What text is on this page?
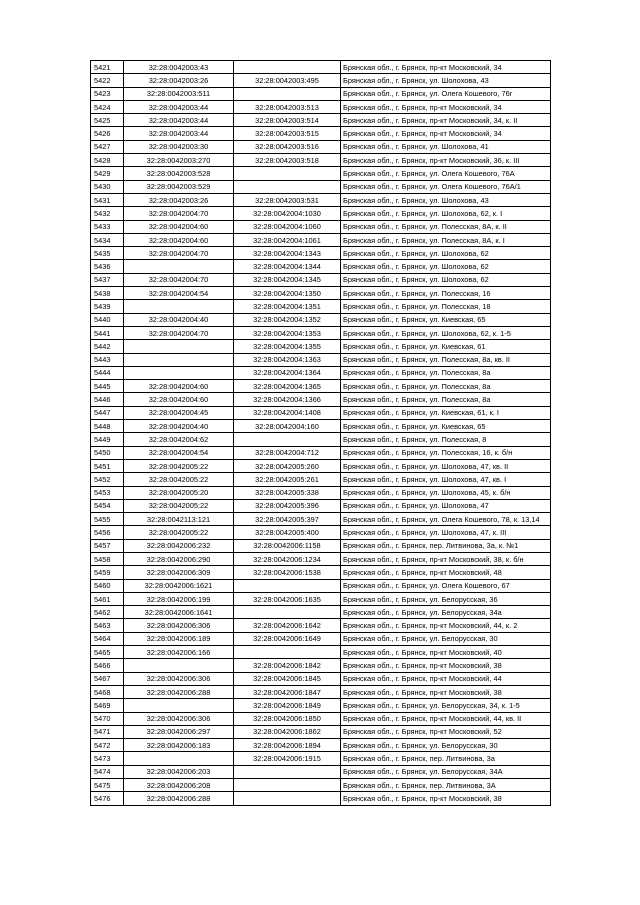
5421	32:28:0042003:43		Брянская обл., г. Брянск, пр-кт Московский, 34
5422	32:28:0042003:26	32:28:0042003:495	Брянская обл., г. Брянск, ул. Шолохова, 43
5423	32:28:0042003:511		Брянская обл., г. Брянск, ул. Олега Кошевого, 76г
5424	32:28:0042003:44	32:28:0042003:513	Брянская обл., г. Брянск, пр-кт Московский, 34
5425	32:28:0042003:44	32:28:0042003:514	Брянская обл., г. Брянск, пр-кт Московский, 34, к. II
5426	32:28:0042003:44	32:28:0042003:515	Брянская обл., г. Брянск, пр-кт Московский, 34
5427	32:28:0042003:30	32:28:0042003:516	Брянская обл., г. Брянск, ул. Шолохова, 41
5428	32:28:0042003:270	32:28:0042003:518	Брянская обл., г. Брянск, пр-кт Московский, 36, к. III
5429	32:28:0042003:528		Брянская обл., г. Брянск, ул. Олега Кошевого, 76А
5430	32:28:0042003:529		Брянская обл., г. Брянск, ул. Олега Кошевого, 76А/1
5431	32:28:0042003:26	32:28:0042003:531	Брянская обл., г. Брянск, ул. Шолохова, 43
5432	32:28:0042004:70	32:28:0042004:1030	Брянская обл., г. Брянск, ул. Шолохова, 62, к. I
5433	32:28:0042004:60	32:28:0042004:1060	Брянская обл., г. Брянск, ул. Полесская, 8А, к. II
5434	32:28:0042004:60	32:28:0042004:1061	Брянская обл., г. Брянск, ул. Полесская, 8А, к. I
5435	32:28:0042004:70	32:28:0042004:1343	Брянская обл., г. Брянск, ул. Шолохова, 62
5436		32:28:0042004:1344	Брянская обл., г. Брянск, ул. Шолохова, 62
5437	32:28:0042004:70	32:28:0042004:1345	Брянская обл., г. Брянск, ул. Шолохова, 62
5438	32:28:0042004:54	32:28:0042004:1350	Брянская обл., г. Брянск, ул. Полесская, 16
5439		32:28:0042004:1351	Брянская обл., г. Брянск, ул. Полесская, 18
5440	32:28:0042004:40	32:28:0042004:1352	Брянская обл., г. Брянск, ул. Киевская, 65
5441	32:28:0042004:70	32:28:0042004:1353	Брянская обл., г. Брянск, ул. Шолохова, 62, к. 1-5
5442		32:28:0042004:1355	Брянская обл., г. Брянск, ул. Киевская, 61
5443		32:28:0042004:1363	Брянская обл., г. Брянск, ул. Полесская, 8а, кв. II
5444		32:28:0042004:1364	Брянская обл., г. Брянск, ул. Полесская, 8а
5445	32:28:0042004:60	32:28:0042004:1365	Брянская обл., г. Брянск, ул. Полесская, 8а
5446	32:28:0042004:60	32:28:0042004:1366	Брянская обл., г. Брянск, ул. Полесская, 8а
5447	32:28:0042004:45	32:28:0042004:1408	Брянская обл., г. Брянск, ул. Киевская, 61, к. I
5448	32:28:0042004:40	32:28:0042004:160	Брянская обл., г. Брянск, ул. Киевская, 65
5449	32:28:0042004:62		Брянская обл., г. Брянск, ул. Полесская, 8
5450	32:28:0042004:54	32:28:0042004:712	Брянская обл., г. Брянск, ул. Полесская, 16, к. б/н
5451	32:28:0042005:22	32:28:0042005:260	Брянская обл., г. Брянск, ул. Шолохова, 47, кв. II
5452	32:28:0042005:22	32:28:0042005:261	Брянская обл., г. Брянск, ул. Шолохова, 47, кв. I
5453	32:28:0042005:20	32:28:0042005:338	Брянская обл., г. Брянск, ул. Шолохова, 45, к. б/н
5454	32:28:0042005:22	32:28:0042005:396	Брянская обл., г. Брянск, ул. Шолохова, 47
5455	32:28:0042113:121	32:28:0042005:397	Брянская обл., г. Брянск, ул. Олега Кошевого, 78, к. 13,14
5456	32:28:0042005:22	32:28:0042005:400	Брянская обл., г. Брянск, ул. Шолохова, 47, к. III
5457	32:28:0042006:232	32:28:0042006:1158	Брянская обл., г. Брянск, пер. Литвинова, 3а, к. №1
5458	32:28:0042006:290	32:28:0042006:1234	Брянская обл., г. Брянск, пр-кт Московский, 38, к. б/н
5459	32:28:0042006:309	32:28:0042006:1538	Брянская обл., г. Брянск, пр-кт Московский, 48
5460	32:28:0042006:1621		Брянская обл., г. Брянск, ул. Олега Кошевого, 67
5461	32:28:0042006:199	32:28:0042006:1635	Брянская обл., г. Брянск, ул. Белорусская, 36
5462	32:28:0042006:1641		Брянская обл., г. Брянск, ул. Белорусская, 34а
5463	32:28:0042006:306	32:28:0042006:1642	Брянская обл., г. Брянск, пр-кт Московский, 44, к. 2
5464	32:28:0042006:189	32:28:0042006:1649	Брянская обл., г. Брянск, ул. Белорусская, 30
5465	32:28:0042006:166		Брянская обл., г. Брянск, пр-кт Московский, 40
5466		32:28:0042006:1842	Брянская обл., г. Брянск, пр-кт Московский, 38
5467	32:28:0042006:306	32:28:0042006:1845	Брянская обл., г. Брянск, пр-кт Московский, 44
5468	32:28:0042006:288	32:28:0042006:1847	Брянская обл., г. Брянск, пр-кт Московский, 38
5469		32:28:0042006:1849	Брянская обл., г. Брянск, ул. Белорусская, 34, к. 1-5
5470	32:28:0042006:306	32:28:0042006:1850	Брянская обл., г. Брянск, пр-кт Московский, 44, кв. II
5471	32:28:0042006:297	32:28:0042006:1862	Брянская обл., г. Брянск, пр-кт Московский, 52
5472	32:28:0042006:183	32:28:0042006:1894	Брянская обл., г. Брянск, ул. Белорусская, 30
5473		32:28:0042006:1915	Брянская обл., г. Брянск, пер. Литвинова, 3а
5474	32:28:0042006:203		Брянская обл., г. Брянск, ул. Белорусская, 34А
5475	32:28:0042006:208		Брянская обл., г. Брянск, пер. Литвинова, 3А
5476	32:28:0042006:288		Брянская обл., г. Брянск, пр-кт Московский, 38
